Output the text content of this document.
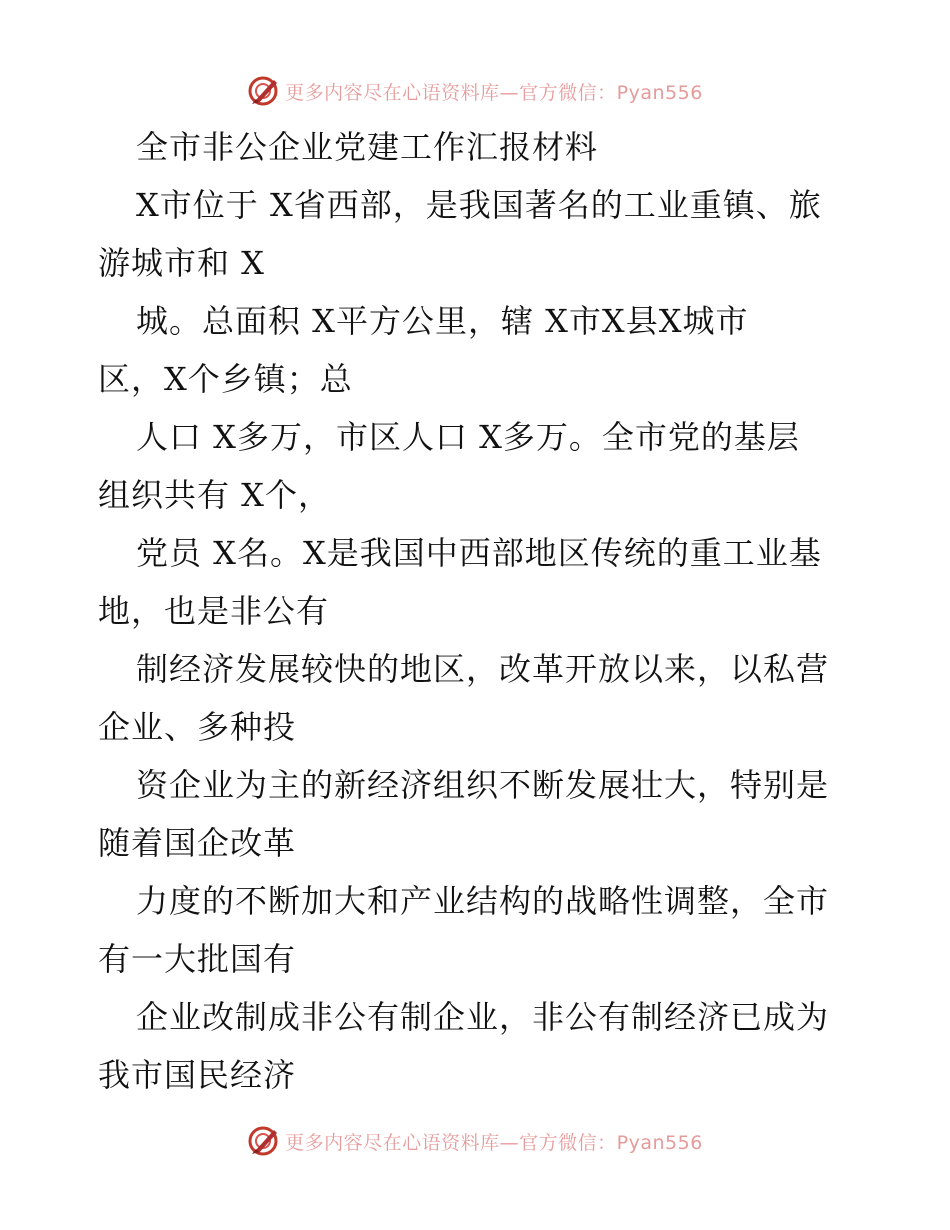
更多内容尽在心语资料库—官方微信：Pyan556
全市非公企业党建工作汇报材料
X市位于 X省西部，是我国著名的工业重镇、旅
游城市和 X
城。总面积 X平方公里，辖 X市X县X城市
区，X个乡镇；总
人口 X多万，市区人口 X多万。全市党的基层
组织共有 X个，
党员 X名。X是我国中西部地区传统的重工业基
地，也是非公有
制经济发展较快的地区，改革开放以来，以私营
企业、多种投
资企业为主的新经济组织不断发展壮大，特别是
随着国企改革
力度的不断加大和产业结构的战略性调整，全市
有一大批国有
企业改制成非公有制企业，非公有制经济已成为
我市国民经济
更多内容尽在心语资料库—官方微信：Pyan556
